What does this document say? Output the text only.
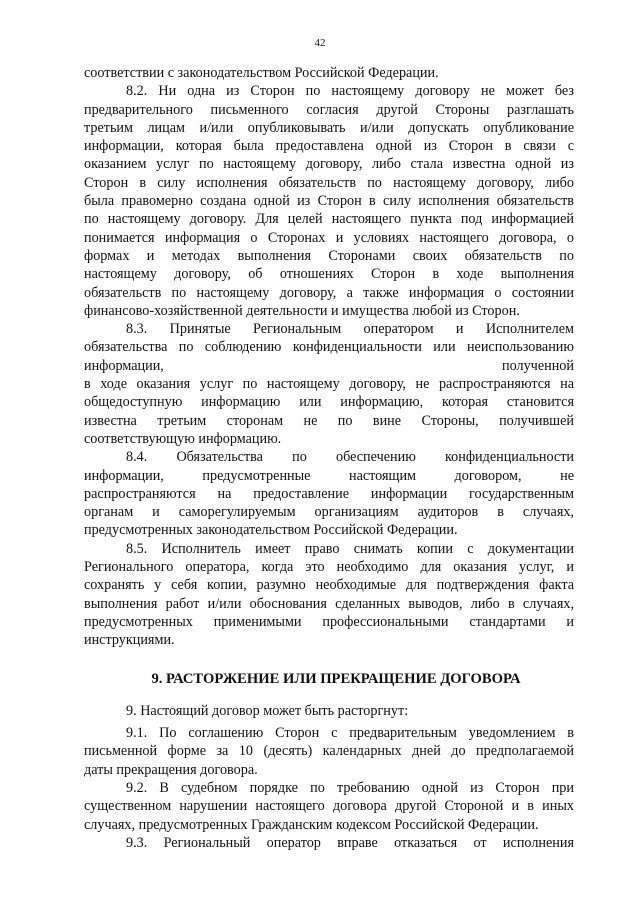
42
соответствии с законодательством Российской Федерации.
8.2. Ни одна из Сторон по настоящему договору не может без
предварительного письменного согласия другой Стороны разглашать
третьим лицам и/или опубликовывать и/или допускать опубликование
информации, которая была предоставлена одной из Сторон в связи с
оказанием услуг по настоящему договору, либо стала известна одной из
Сторон в силу исполнения обязательств по настоящему договору, либо
была правомерно создана одной из Сторон в силу исполнения обязательств
по настоящему договору. Для целей настоящего пункта под информацией
понимается информация о Сторонах и условиях настоящего договора, о
формах и методах выполнения Сторонами своих обязательств по
настоящему договору, об отношениях Сторон в ходе выполнения
обязательств по настоящему договору, а также информация о состоянии
финансово-хозяйственной деятельности и имущества любой из Сторон.
8.3. Принятые Региональным оператором и Исполнителем
обязательства по соблюдению конфиденциальности или неиспользованию
информации, полученной
в ходе оказания услуг по настоящему договору, не распространяются на
общедоступную информацию или информацию, которая становится
известна третьим сторонам не по вине Стороны, получившей
соответствующую информацию.
8.4. Обязательства по обеспечению конфиденциальности
информации, предусмотренные настоящим договором, не
распространяются на предоставление информации государственным
органам и саморегулируемым организациям аудиторов в случаях,
предусмотренных законодательством Российской Федерации.
8.5. Исполнитель имеет право снимать копии с документации
Регионального оператора, когда это необходимо для оказания услуг, и
сохранять у себя копии, разумно необходимые для подтверждения факта
выполнения работ и/или обоснования сделанных выводов, либо в случаях,
предусмотренных применимыми профессиональными стандартами и
инструкциями.
9. РАСТОРЖЕНИЕ ИЛИ ПРЕКРАЩЕНИЕ ДОГОВОРА
9. Настоящий договор может быть расторгнут:
9.1. По соглашению Сторон с предварительным уведомлением в
письменной форме за 10 (десять) календарных дней до предполагаемой
даты прекращения договора.
9.2. В судебном порядке по требованию одной из Сторон при
существенном нарушении настоящего договора другой Стороной и в иных
случаях, предусмотренных Гражданским кодексом Российской Федерации.
9.3. Региональный оператор вправе отказаться от исполнения
